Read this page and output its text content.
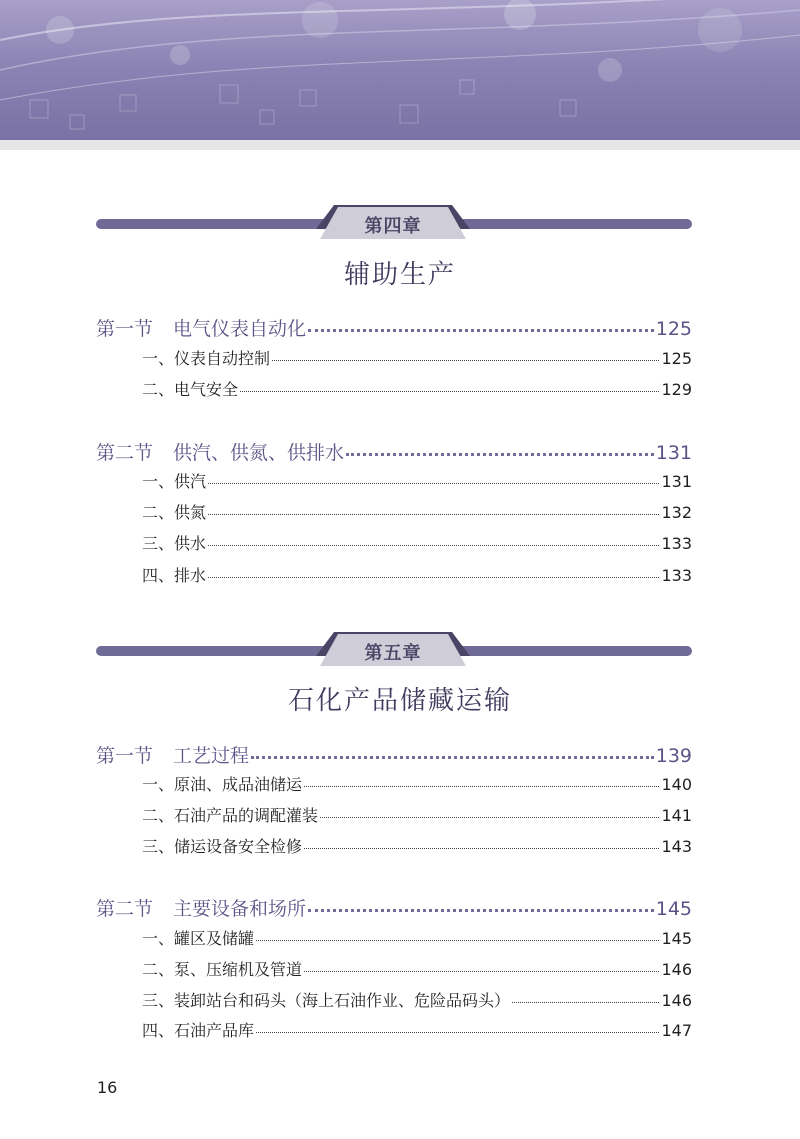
第四章
辅助生产
第一节 电气仪表自动化	125
一、仪表自动控制	125
二、电气安全	129
第二节 供汽、供氮、供排水	131
一、供汽	131
二、供氮	132
三、供水	133
四、排水	133
第五章
石化产品储藏运输
第一节 工艺过程	139
一、原油、成品油储运	140
二、石油产品的调配灌装	141
三、储运设备安全检修	143
第二节 主要设备和场所	145
一、罐区及储罐	145
二、泵、压缩机及管道	146
三、装卸站台和码头（海上石油作业、危险品码头）	146
四、石油产品库	147
16
